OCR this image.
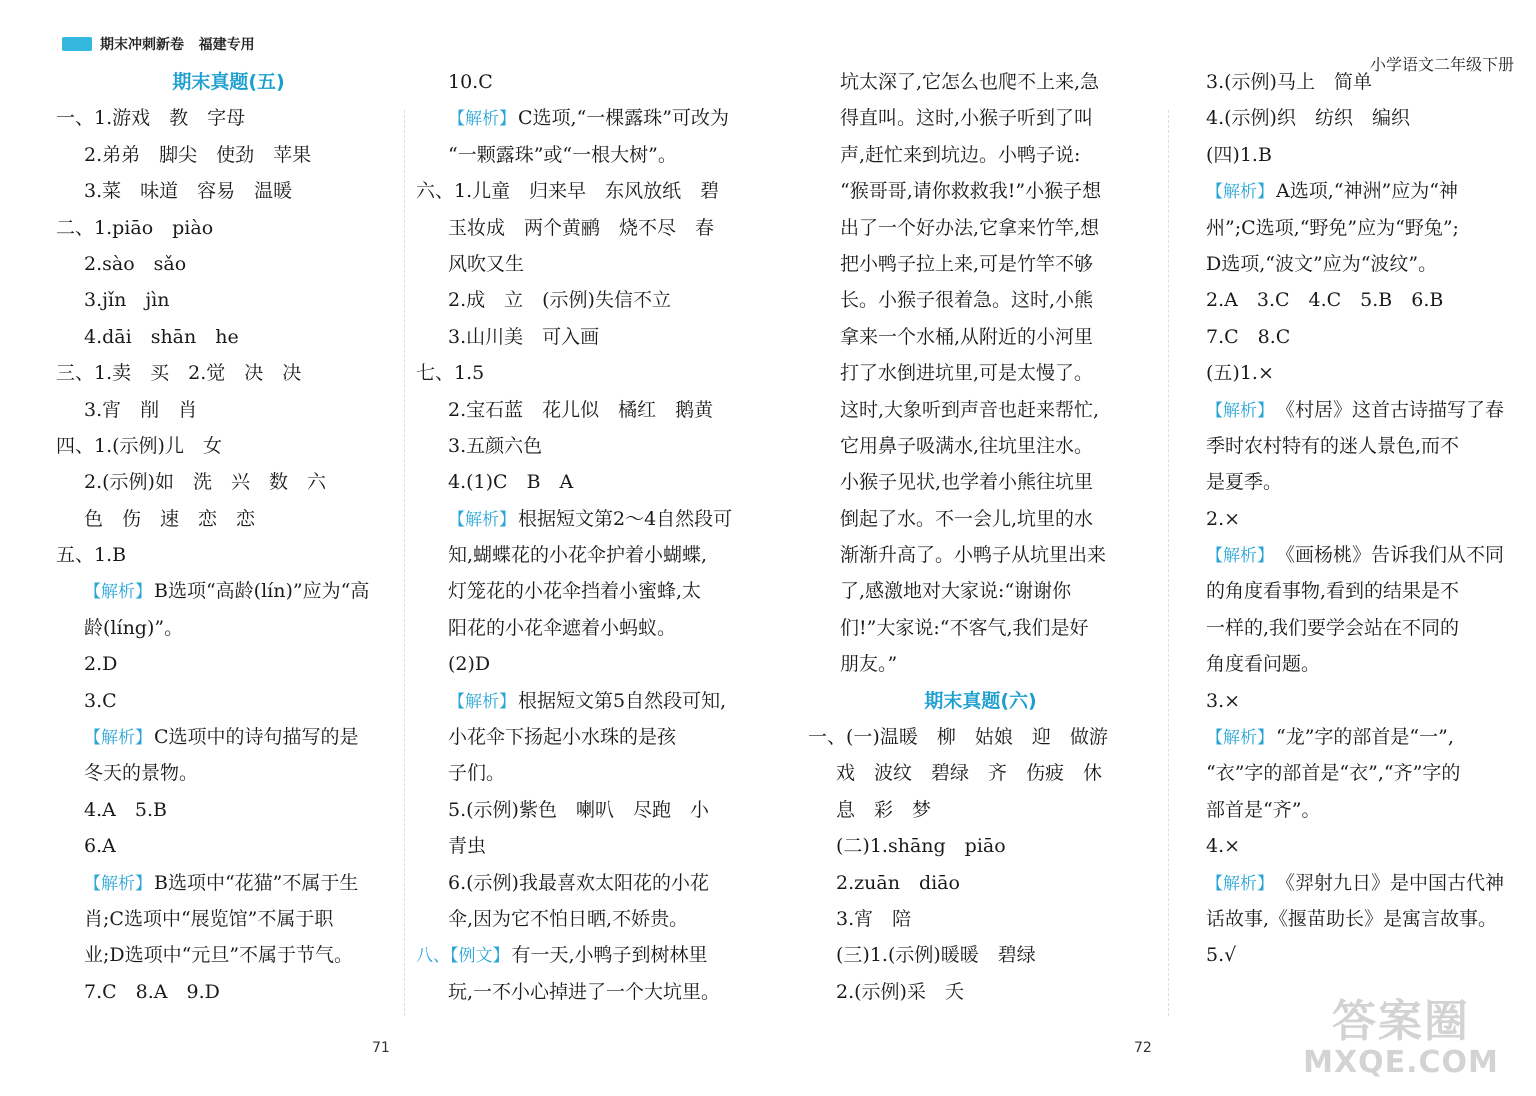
期末冲刺新卷 福建专用
小学语文二年级下册
期末真题(五)
一、1.游戏　教　字母
2.弟弟　脚尖　使劲　苹果
3.菜　味道　容易　温暖
二、1.piāo　piào
2.sào　sǎo
3.jǐn　jìn
4.dāi　shān　he
三、1.卖　买　2.觉　决　决
3.宵　削　肖
四、1.(示例)儿　女
2.(示例)如　洗　兴　数　六
色　伤　速　恋　恋
五、1.B
【解析】 B选项“高龄(lín)”应为“高
龄(líng)”。
2.D
3.C
【解析】 C选项中的诗句描写的是
冬天的景物。
4.A　5.B
6.A
【解析】 B选项中“花猫”不属于生
肖;C选项中“展览馆”不属于职
业;D选项中“元旦”不属于节气。
7.C　8.A　9.D
10.C
【解析】 C选项,“一棵露珠”可改为
“一颗露珠”或“一根大树”。
六、1.儿童　归来早　东风放纸　碧
玉妆成　两个黄鹂　烧不尽　春
风吹又生
2.成　立　(示例)失信不立
3.山川美　可入画
七、1.5
2.宝石蓝　花儿似　橘红　鹅黄
3.五颜六色
4.(1)C　B　A
【解析】 根据短文第2～4自然段可
知,蝴蝶花的小花伞护着小蝴蝶,
灯笼花的小花伞挡着小蜜蜂,太
阳花的小花伞遮着小蚂蚁。
(2)D
【解析】 根据短文第5自然段可知,
小花伞下扬起小水珠的是孩
子们。
5.(示例)紫色　喇叭　尽跑　小
青虫
6.(示例)我最喜欢太阳花的小花
伞,因为它不怕日晒,不娇贵。
八、【例文】 有一天,小鸭子到树林里
玩,一不小心掉进了一个大坑里。
坑太深了,它怎么也爬不上来,急
得直叫。这时,小猴子听到了叫
声,赶忙来到坑边。小鸭子说:
“猴哥哥,请你救救我!”小猴子想
出了一个好办法,它拿来竹竿,想
把小鸭子拉上来,可是竹竿不够
长。小猴子很着急。这时,小熊
拿来一个水桶,从附近的小河里
打了水倒进坑里,可是太慢了。
这时,大象听到声音也赶来帮忙,
它用鼻子吸满水,往坑里注水。
小猴子见状,也学着小熊往坑里
倒起了水。不一会儿,坑里的水
渐渐升高了。小鸭子从坑里出来
了,感激地对大家说:“谢谢你
们!”大家说:“不客气,我们是好
朋友。”
期末真题(六)
一、(一)温暖　柳　姑娘　迎　做游
戏　波纹　碧绿　齐　伤疲　休
息　彩　梦
(二)1.shāng　piāo
2.zuān　diāo
3.宵　陪
(三)1.(示例)暖暖　碧绿
2.(示例)采　夭
3.(示例)马上　简单
4.(示例)织　纺织　编织
(四)1.B
【解析】 A选项,“神洲”应为“神
州”;C选项,“野免”应为“野兔”;
D选项,“波文”应为“波纹”。
2.A　3.C　4.C　5.B　6.B
7.C　8.C
(五)1.×
【解析】 《村居》这首古诗描写了春
季时农村特有的迷人景色,而不
是夏季。
2.×
【解析】 《画杨桃》告诉我们从不同
的角度看事物,看到的结果是不
一样的,我们要学会站在不同的
角度看问题。
3.×
【解析】 “龙”字的部首是“一”,
“衣”字的部首是“衣”,“齐”字的
部首是“齐”。
4.×
【解析】 《羿射九日》是中国古代神
话故事,《揠苗助长》是寓言故事。
5.√
71	72
答案圈
MXQE.COM
